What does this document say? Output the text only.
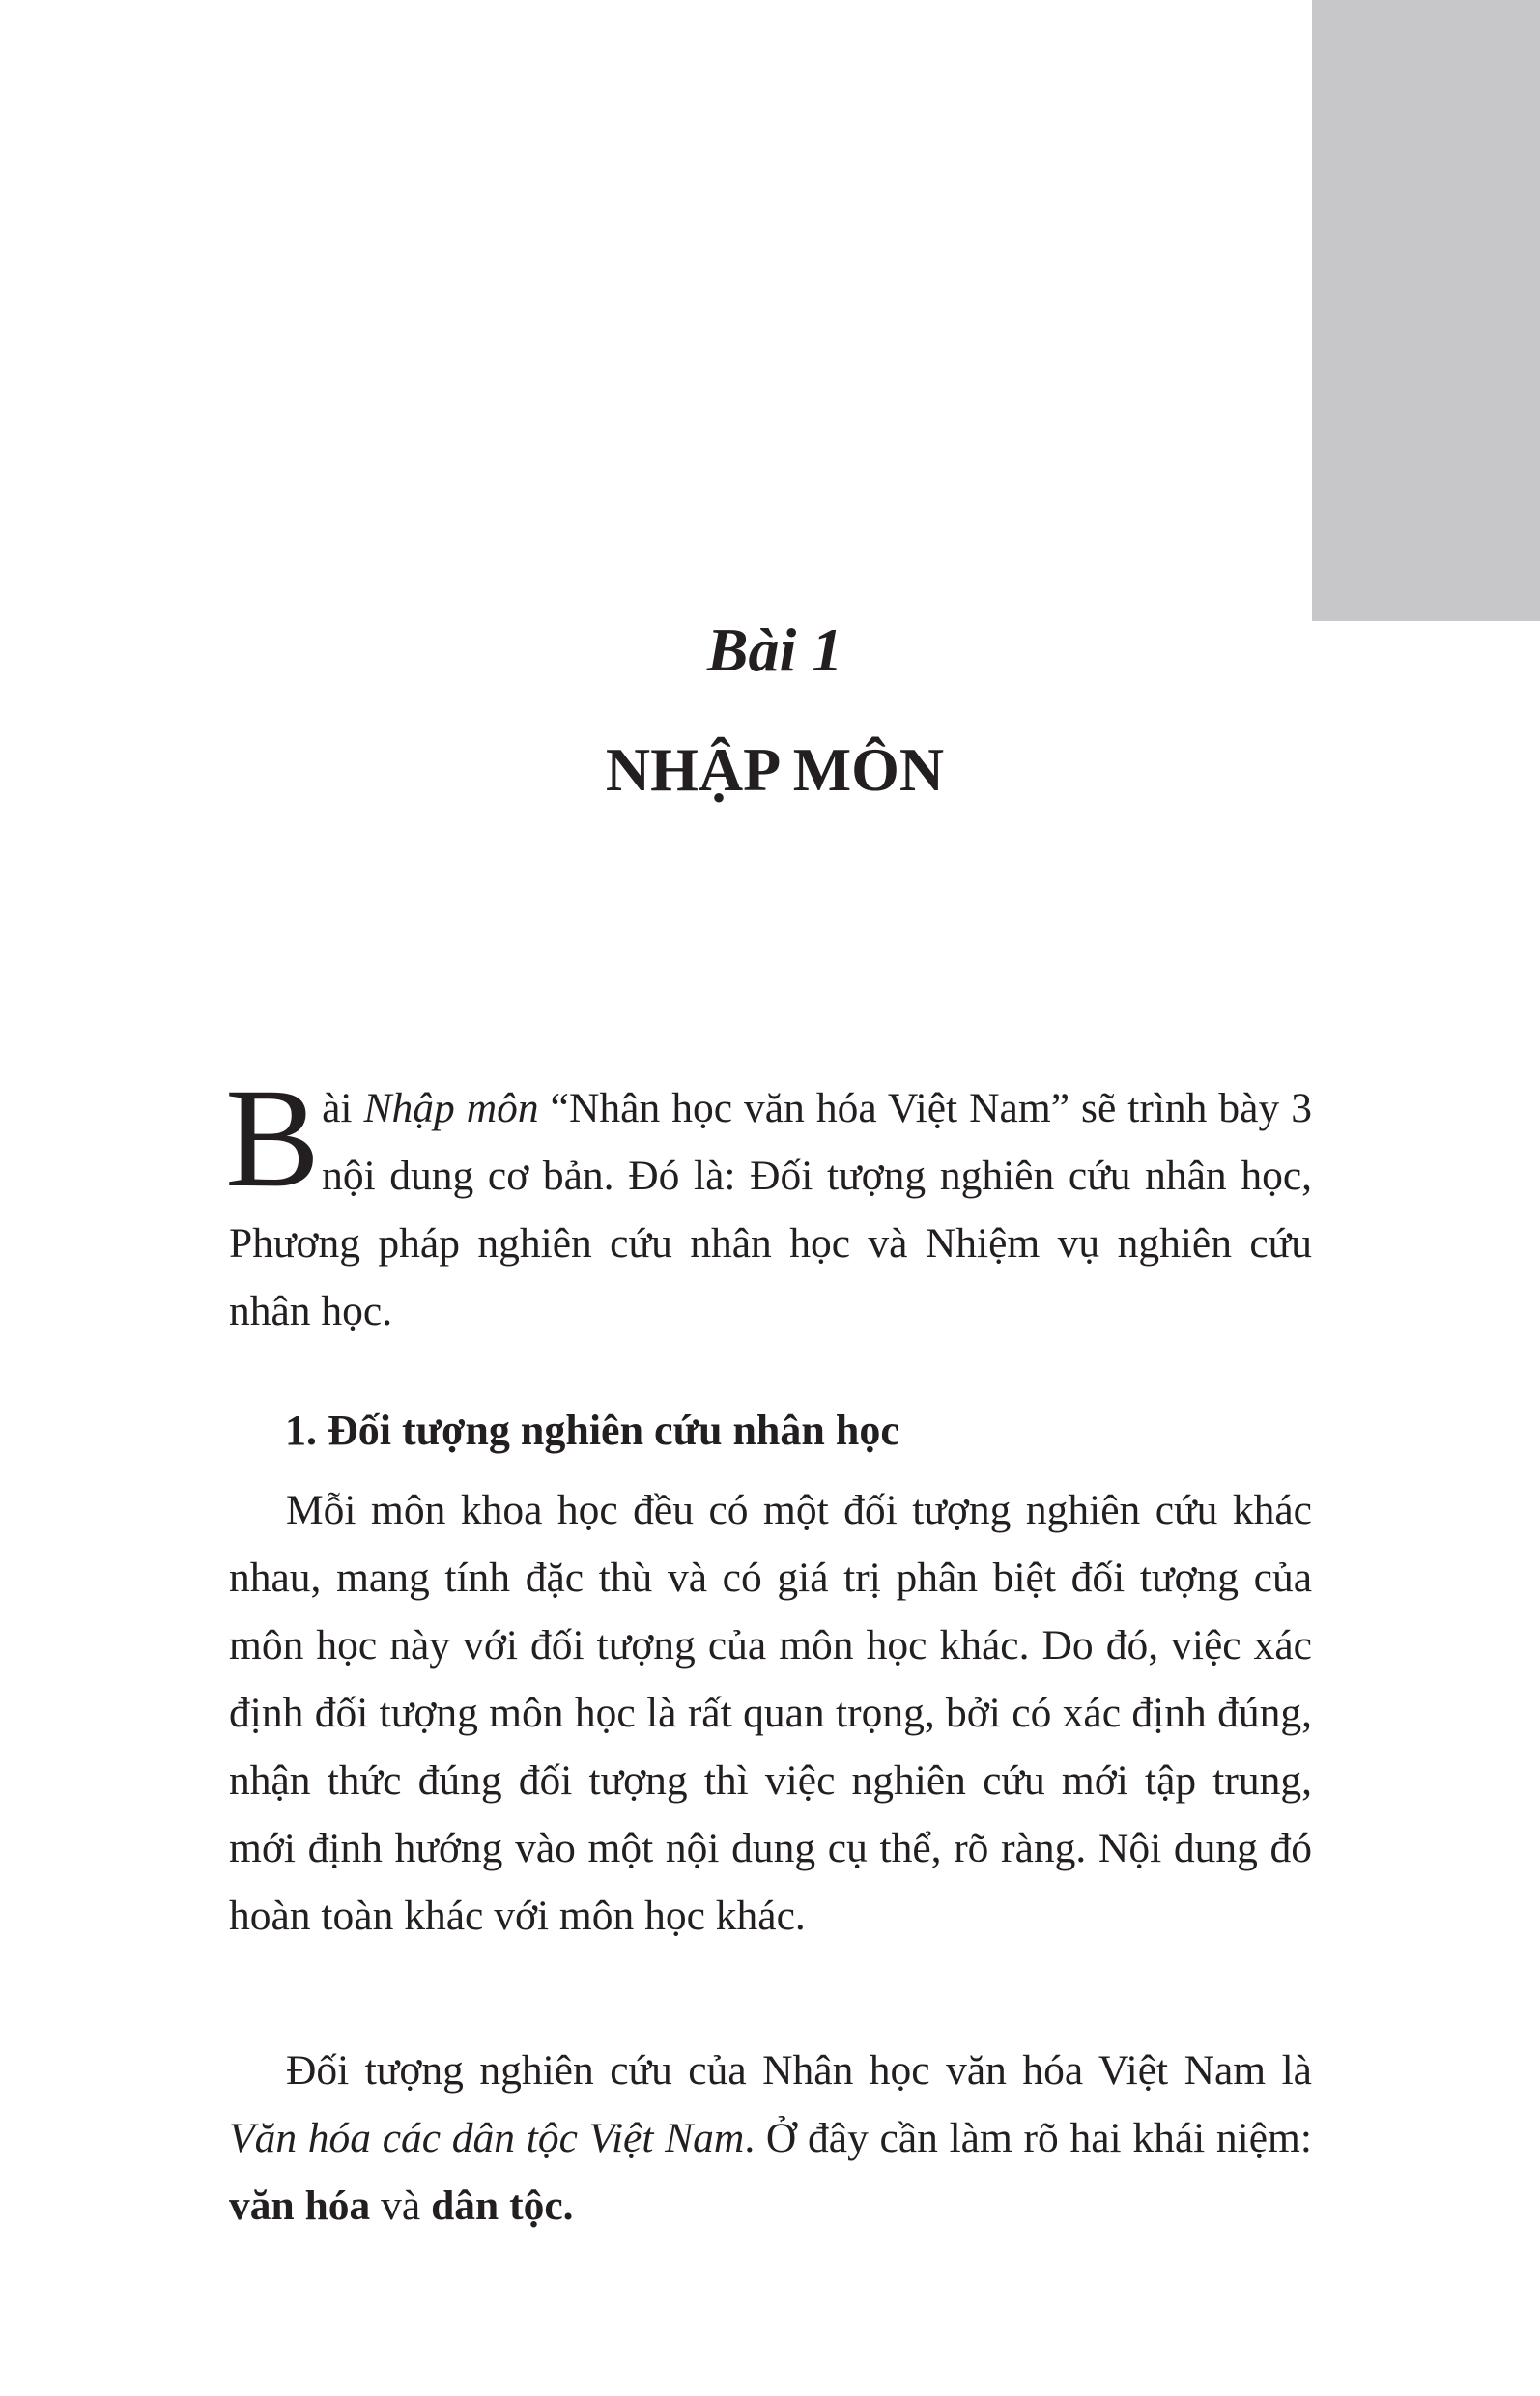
Bài 1
NHẬP MÔN

Bài Nhập môn “Nhân học văn hóa Việt Nam” sẽ trình bày 3 nội dung cơ bản. Đó là: Đối tượng nghiên cứu nhân học, Phương pháp nghiên cứu nhân học và Nhiệm vụ nghiên cứu nhân học.

1. Đối tượng nghiên cứu nhân học

Mỗi môn khoa học đều có một đối tượng nghiên cứu khác nhau, mang tính đặc thù và có giá trị phân biệt đối tượng của môn học này với đối tượng của môn học khác. Do đó, việc xác định đối tượng môn học là rất quan trọng, bởi có xác định đúng, nhận thức đúng đối tượng thì việc nghiên cứu mới tập trung, mới định hướng vào một nội dung cụ thể, rõ ràng. Nội dung đó hoàn toàn khác với môn học khác.

Đối tượng nghiên cứu của Nhân học văn hóa Việt Nam là Văn hóa các dân tộc Việt Nam. Ở đây cần làm rõ hai khái niệm: văn hóa và dân tộc.
